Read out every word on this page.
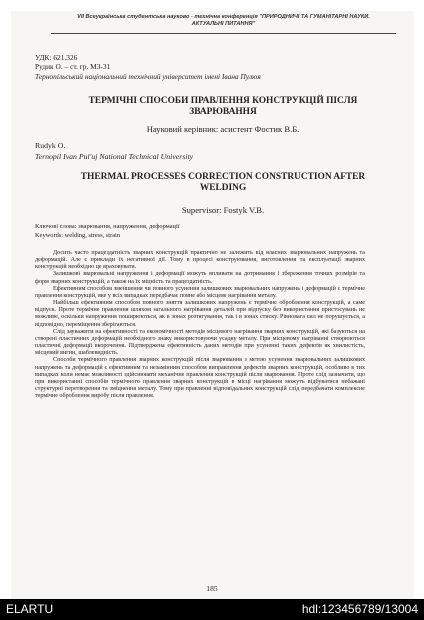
VII Всеукраїнська студентська науково - технічна конференція "ПРИРОДНИЧІ ТА ГУМАНІТАРНІ НАУКИ.
АКТУАЛЬНІ ПИТАННЯ"
УДК: 621.326
Рудик О. – ст. гр. МЗ-31
Тернопільський національний технічний університет імені Івана Пулюя
ТЕРМІЧНІ СПОСОБИ ПРАВЛЕННЯ КОНСТРУКЦІЙ ПІСЛЯ
ЗВАРЮВАННЯ
Науковий керівник: асистент Фостик В.Б.
Rudyk O.
Ternopil Ivan Pul'uj National Technical University
THERMAL PROCESSES CORRECTION CONSTRUCTION AFTER
WELDING
Supervisor: Fostyk V.B.
Ключові слова: зварювання, напруження, деформації
Keywords: welding, stress, strain

Досить часто працездатність зварних конструкцій практично не залежить від власних зварювальних напружень та деформацій. Але є приклади їх негативної дії. Тому в процесі конструювання, виготовлення та експлуатації зварних конструкцій необхідно це враховувати.

Залишкові зварювальні напруження і деформації можуть впливати на дотримання і збереження точних розмірів та форм зварних конструкцій, а також на їх міцність та працездатність.

Ефективним способом зменшення чи повного усунення залишкових зварювальних напружень і деформацій є термічне правлення конструкцій, яке у всіх випадках передбачає повне або місцеве нагрівання металу.

Найбільш ефективним способом повного зняття залишкових напружень є термічне оброблення конструкцій, а саме відпуск. Проте термічне правлення шляхом загального нагрівання деталей при відпуску без використання пристосувань не можливе, оскільки напруження поширюються, як в зонах розтягування, так і в зонах стиску. Рівновага сил не порушується, а відповідно, переміщення зберігаються.

Слід зауважити на ефективності та економічності методів місцевого нагрівання зварних конструкцій, які базуються на створені пластичних деформацій необхідного знаку використовуючи усадку металу. При місцевому нагріванні створюються пластичні деформації вкорочення. Підтверджена ефективність даних методів при усуненні таких дефектів як хвилистість, місцевий вигин, шаблевидність.

Способи термічного правлення зварних конструкцій після зварювання з метою усунення зварювальних залишкових напружень та деформацій є ефективним та незамінним способом виправлення дефектів зварних конструкцій, особливо в тих випадках коли немає можливості здійснювати механічне правлення конструкцій після зварювання. Проте слід зазначити, що при використанні способів термічного правлення зварних конструкцій в місці нагрівання можуть відбуватися небажані структурні перетворення та зміцнення металу. Тому при правленні відповідальних конструкцій слід передбачати комплексне термічне оброблення виробу після правлення.

185
ELARTU	hdl:123456789/13004
